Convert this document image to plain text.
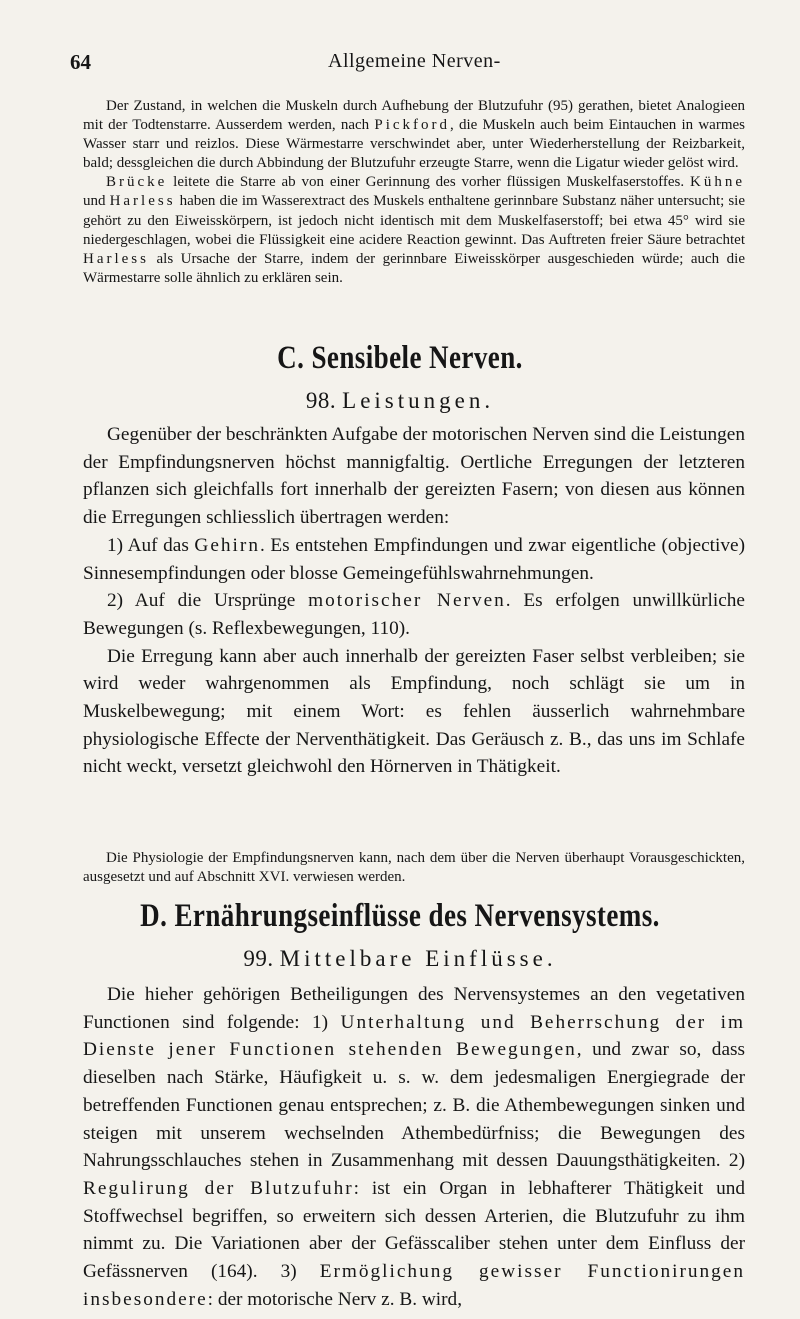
64	Allgemeine Nerven-

Der Zustand, in welchen die Muskeln durch Aufhebung der Blutzufuhr (95) gerathen, bietet Analogieen mit der Todtenstarre. Ausserdem werden, nach Pickford, die Muskeln auch beim Eintauchen in warmes Wasser starr und reizlos. Diese Wärmestarre verschwindet aber, unter Wiederherstellung der Reizbarkeit, bald; dessgleichen die durch Abbindung der Blutzufuhr erzeugte Starre, wenn die Ligatur wieder gelöst wird.

Brücke leitete die Starre ab von einer Gerinnung des vorher flüssigen Muskelfaserstoffes. Kühne und Harless haben die im Wasserextract des Muskels enthaltene gerinnbare Substanz näher untersucht; sie gehört zu den Eiweisskörpern, ist jedoch nicht identisch mit dem Muskelfaserstoff; bei etwa 45° wird sie niedergeschlagen, wobei die Flüssigkeit eine acidere Reaction gewinnt. Das Auftreten freier Säure betrachtet Harless als Ursache der Starre, indem der gerinnbare Eiweisskörper ausgeschieden würde; auch die Wärmestarre solle ähnlich zu erklären sein.

C. Sensibele Nerven.
98. Leistungen.

Gegenüber der beschränkten Aufgabe der motorischen Nerven sind die Leistungen der Empfindungsnerven höchst mannigfaltig. Oertliche Erregungen der letzteren pflanzen sich gleichfalls fort innerhalb der gereizten Fasern; von diesen aus können die Erregungen schliesslich übertragen werden:

1) Auf das Gehirn. Es entstehen Empfindungen und zwar eigentliche (objective) Sinnesempfindungen oder blosse Gemeingefühlswahrnehmungen.

2) Auf die Ursprünge motorischer Nerven. Es erfolgen unwillkürliche Bewegungen (s. Reflexbewegungen, 110).

Die Erregung kann aber auch innerhalb der gereizten Faser selbst verbleiben; sie wird weder wahrgenommen als Empfindung, noch schlägt sie um in Muskelbewegung; mit einem Wort: es fehlen äusserlich wahrnehmbare physiologische Effecte der Nerventhätigkeit. Das Geräusch z. B., das uns im Schlafe nicht weckt, versetzt gleichwohl den Hörnerven in Thätigkeit.

Die Physiologie der Empfindungsnerven kann, nach dem über die Nerven überhaupt Vorausgeschickten, ausgesetzt und auf Abschnitt XVI. verwiesen werden.

D. Ernährungseinflüsse des Nervensystems.
99. Mittelbare Einflüsse.

Die hieher gehörigen Betheiligungen des Nervensystemes an den vegetativen Functionen sind folgende: 1) Unterhaltung und Beherrschung der im Dienste jener Functionen stehenden Bewegungen, und zwar so, dass dieselben nach Stärke, Häufigkeit u. s. w. dem jedesmaligen Energiegrade der betreffenden Functionen genau entsprechen; z. B. die Athembewegungen sinken und steigen mit unserem wechselnden Athembedürfniss; die Bewegungen des Nahrungsschlauches stehen in Zusammenhang mit dessen Dauungsthätigkeiten. 2) Regulirung der Blutzufuhr: ist ein Organ in lebhafterer Thätigkeit und Stoffwechsel begriffen, so erweitern sich dessen Arterien, die Blutzufuhr zu ihm nimmt zu. Die Variationen aber der Gefässcaliber stehen unter dem Einfluss der Gefässnerven (164). 3) Ermöglichung gewisser Functionirungen insbesondere: der motorische Nerv z. B. wird,
